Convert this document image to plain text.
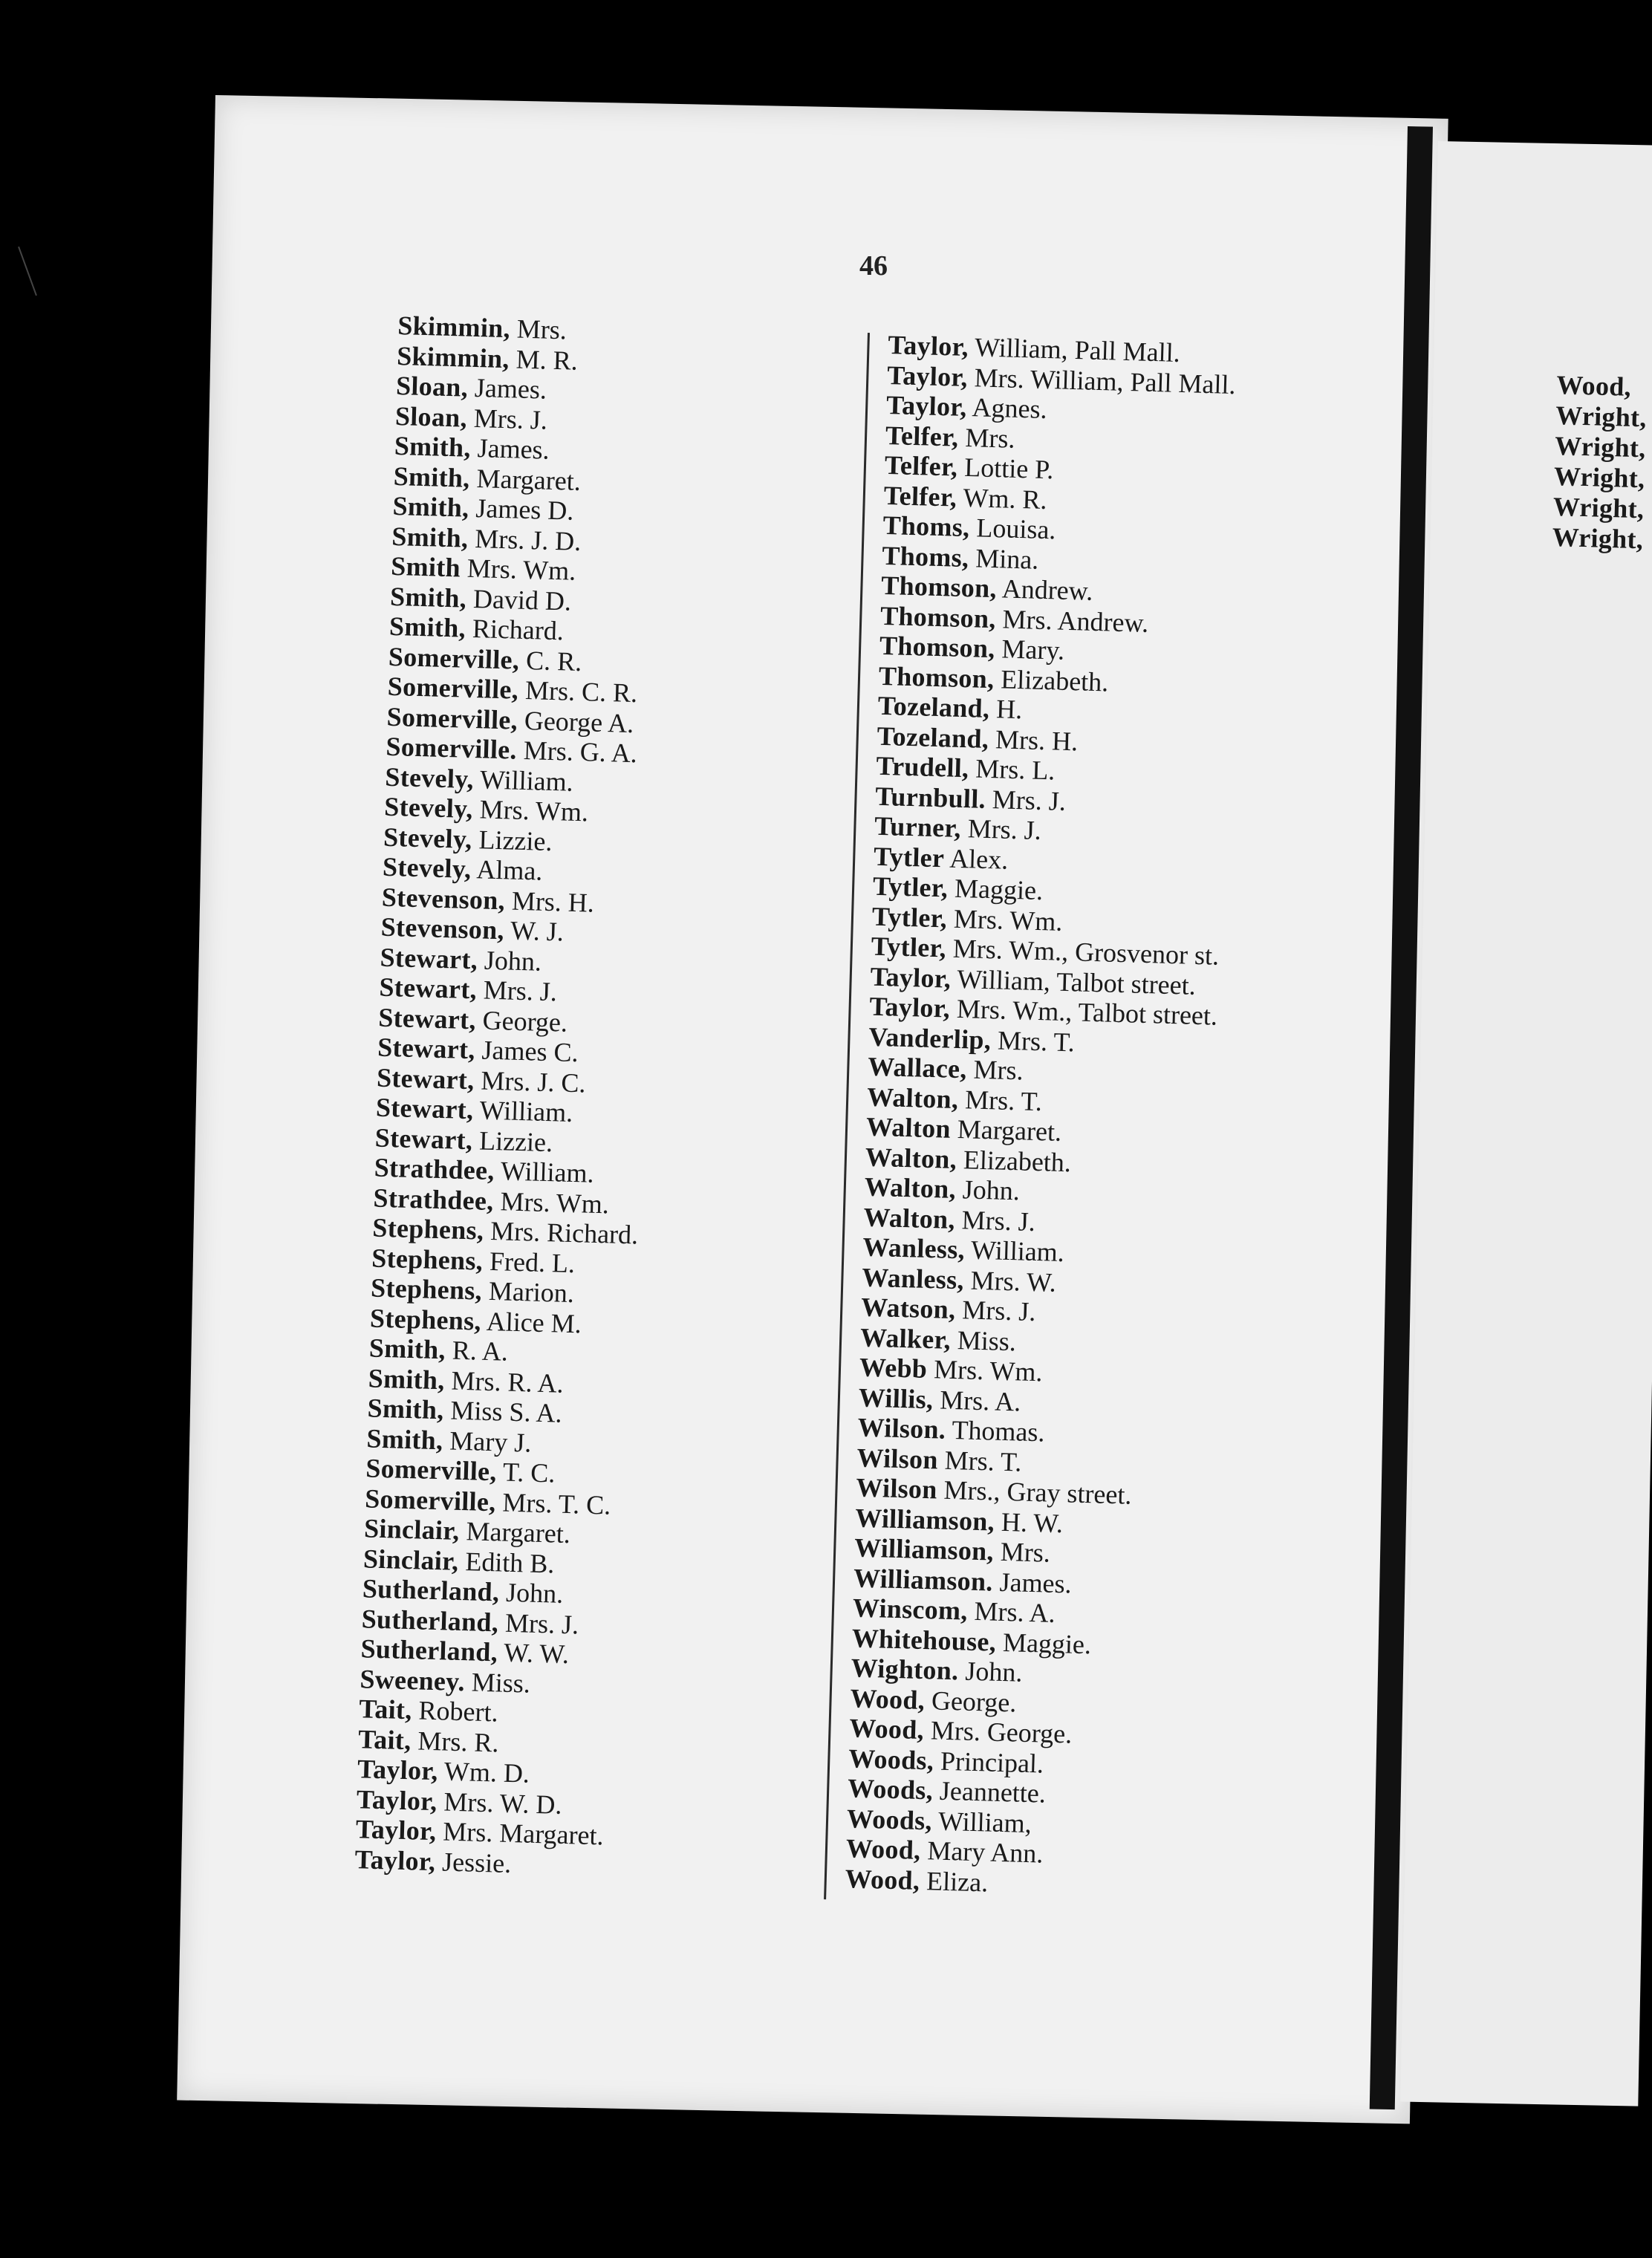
46
Skimmin, Mrs.
Skimmin, M. R.
Sloan, James.
Sloan, Mrs. J.
Smith, James.
Smith, Margaret.
Smith, James D.
Smith, Mrs. J. D.
Smith Mrs. Wm.
Smith, David D.
Smith, Richard.
Somerville, C. R.
Somerville, Mrs. C. R.
Somerville, George A.
Somerville. Mrs. G. A.
Stevely, William.
Stevely, Mrs. Wm.
Stevely, Lizzie.
Stevely, Alma.
Stevenson, Mrs. H.
Stevenson, W. J.
Stewart, John.
Stewart, Mrs. J.
Stewart, George.
Stewart, James C.
Stewart, Mrs. J. C.
Stewart, William.
Stewart, Lizzie.
Strathdee, William.
Strathdee, Mrs. Wm.
Stephens, Mrs. Richard.
Stephens, Fred. L.
Stephens, Marion.
Stephens, Alice M.
Smith, R. A.
Smith, Mrs. R. A.
Smith, Miss S. A.
Smith, Mary J.
Somerville, T. C.
Somerville, Mrs. T. C.
Sinclair, Margaret.
Sinclair, Edith B.
Sutherland, John.
Sutherland, Mrs. J.
Sutherland, W. W.
Sweeney. Miss.
Tait, Robert.
Tait, Mrs. R.
Taylor, Wm. D.
Taylor, Mrs. W. D.
Taylor, Mrs. Margaret.
Taylor, Jessie.
Taylor, William, Pall Mall.
Taylor, Mrs. William, Pall Mall.
Taylor, Agnes.
Telfer, Mrs.
Telfer, Lottie P.
Telfer, Wm. R.
Thoms, Louisa.
Thoms, Mina.
Thomson, Andrew.
Thomson, Mrs. Andrew.
Thomson, Mary.
Thomson, Elizabeth.
Tozeland, H.
Tozeland, Mrs. H.
Trudell, Mrs. L.
Turnbull. Mrs. J.
Turner, Mrs. J.
Tytler Alex.
Tytler, Maggie.
Tytler, Mrs. Wm.
Tytler, Mrs. Wm., Grosvenor st.
Taylor, William, Talbot street.
Taylor, Mrs. Wm., Talbot street.
Vanderlip, Mrs. T.
Wallace, Mrs.
Walton, Mrs. T.
Walton Margaret.
Walton, Elizabeth.
Walton, John.
Walton, Mrs. J.
Wanless, William.
Wanless, Mrs. W.
Watson, Mrs. J.
Walker, Miss.
Webb Mrs. Wm.
Willis, Mrs. A.
Wilson. Thomas.
Wilson Mrs. T.
Wilson Mrs., Gray street.
Williamson, H. W.
Williamson, Mrs.
Williamson. James.
Winscom, Mrs. A.
Whitehouse, Maggie.
Wighton. John.
Wood, George.
Wood, Mrs. George.
Woods, Principal.
Woods, Jeannette.
Woods, William,
Wood, Mary Ann.
Wood, Eliza.
Wood,
Wright,
Wright,
Wright,
Wright,
Wright,
